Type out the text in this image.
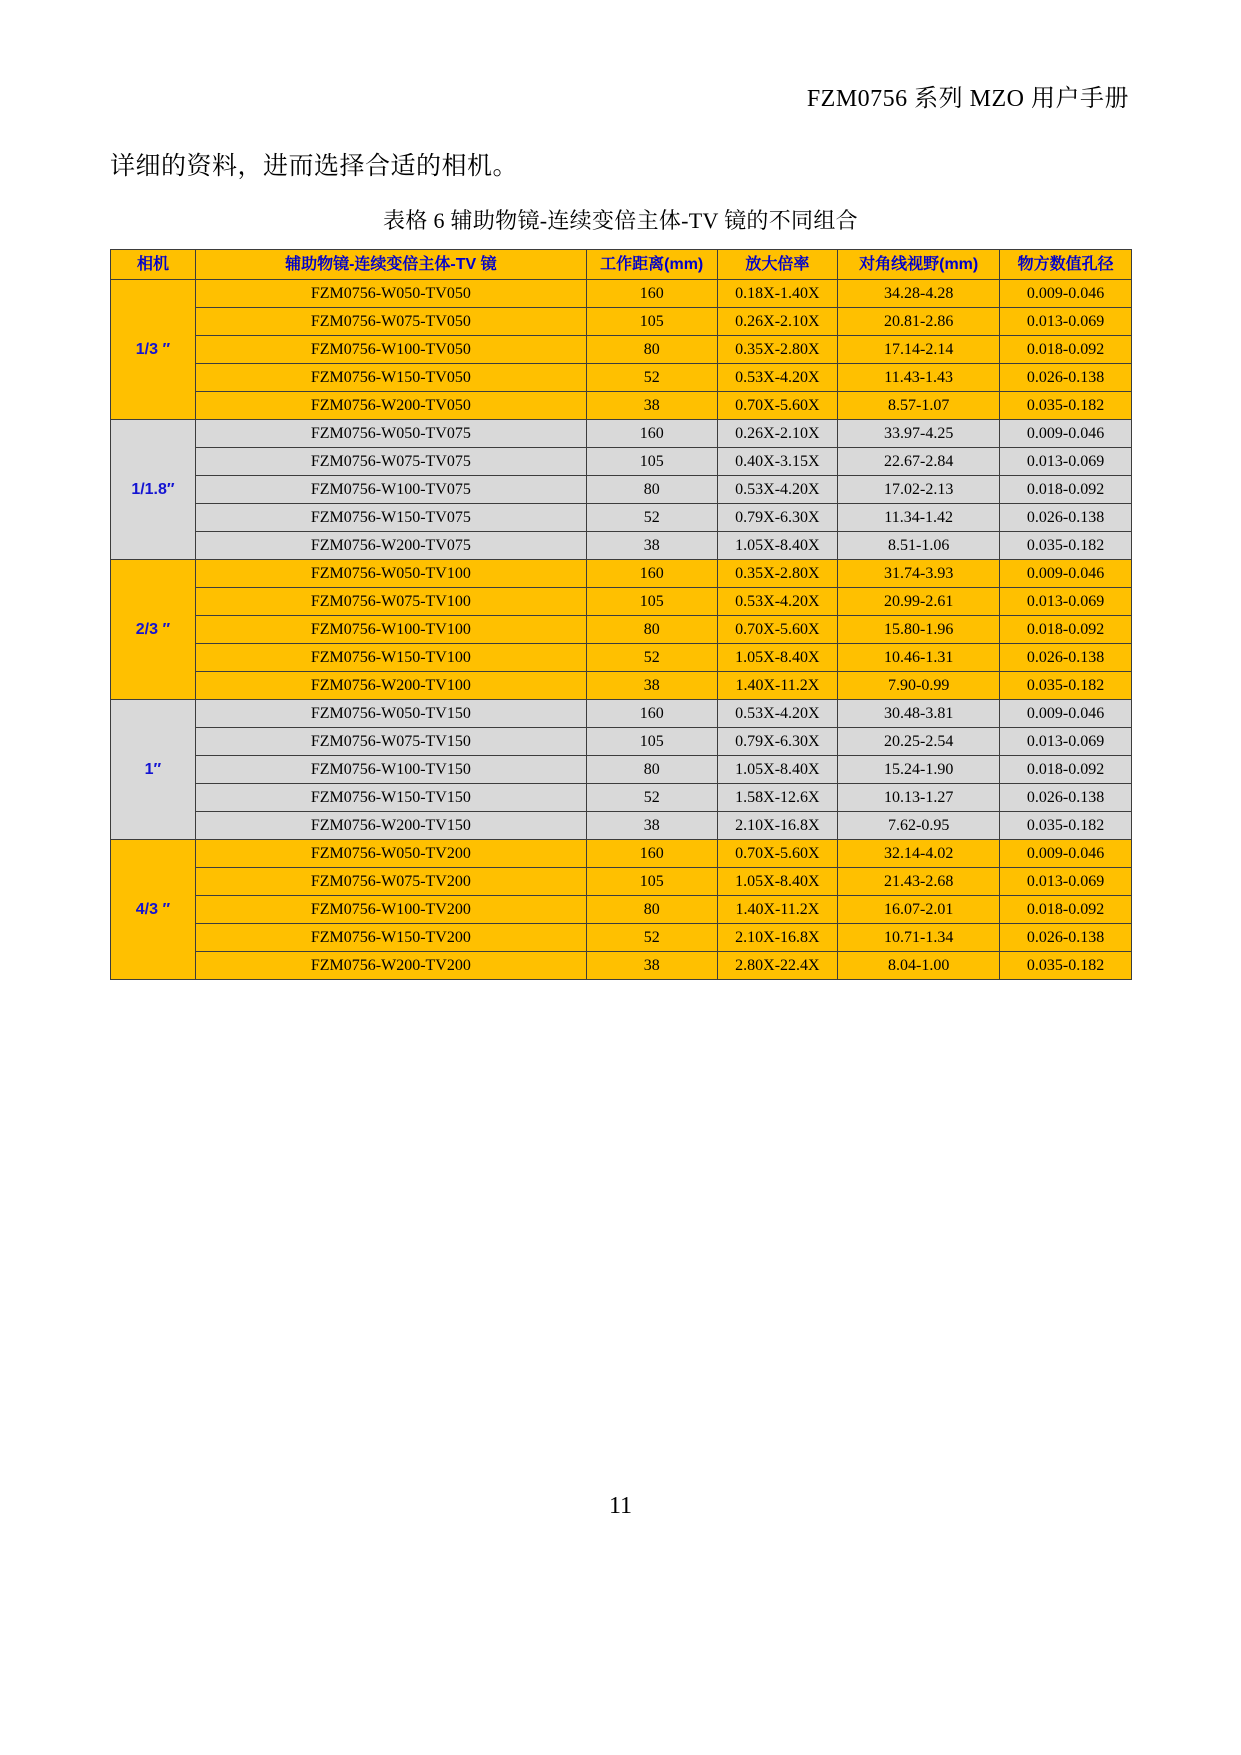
FZM0756 系列 MZO 用户手册
详细的资料，进而选择合适的相机。
表格 6 辅助物镜-连续变倍主体-TV 镜的不同组合
相机	辅助物镜-连续变倍主体-TV 镜	工作距离(mm)	放大倍率	对角线视野(mm)	物方数值孔径
1/3 ″	FZM0756-W050-TV050	160	0.18X-1.40X	34.28-4.28	0.009-0.046
	FZM0756-W075-TV050	105	0.26X-2.10X	20.81-2.86	0.013-0.069
	FZM0756-W100-TV050	80	0.35X-2.80X	17.14-2.14	0.018-0.092
	FZM0756-W150-TV050	52	0.53X-4.20X	11.43-1.43	0.026-0.138
	FZM0756-W200-TV050	38	0.70X-5.60X	8.57-1.07	0.035-0.182
1/1.8″	FZM0756-W050-TV075	160	0.26X-2.10X	33.97-4.25	0.009-0.046
	FZM0756-W075-TV075	105	0.40X-3.15X	22.67-2.84	0.013-0.069
	FZM0756-W100-TV075	80	0.53X-4.20X	17.02-2.13	0.018-0.092
	FZM0756-W150-TV075	52	0.79X-6.30X	11.34-1.42	0.026-0.138
	FZM0756-W200-TV075	38	1.05X-8.40X	8.51-1.06	0.035-0.182
2/3 ″	FZM0756-W050-TV100	160	0.35X-2.80X	31.74-3.93	0.009-0.046
	FZM0756-W075-TV100	105	0.53X-4.20X	20.99-2.61	0.013-0.069
	FZM0756-W100-TV100	80	0.70X-5.60X	15.80-1.96	0.018-0.092
	FZM0756-W150-TV100	52	1.05X-8.40X	10.46-1.31	0.026-0.138
	FZM0756-W200-TV100	38	1.40X-11.2X	7.90-0.99	0.035-0.182
1″	FZM0756-W050-TV150	160	0.53X-4.20X	30.48-3.81	0.009-0.046
	FZM0756-W075-TV150	105	0.79X-6.30X	20.25-2.54	0.013-0.069
	FZM0756-W100-TV150	80	1.05X-8.40X	15.24-1.90	0.018-0.092
	FZM0756-W150-TV150	52	1.58X-12.6X	10.13-1.27	0.026-0.138
	FZM0756-W200-TV150	38	2.10X-16.8X	7.62-0.95	0.035-0.182
4/3 ″	FZM0756-W050-TV200	160	0.70X-5.60X	32.14-4.02	0.009-0.046
	FZM0756-W075-TV200	105	1.05X-8.40X	21.43-2.68	0.013-0.069
	FZM0756-W100-TV200	80	1.40X-11.2X	16.07-2.01	0.018-0.092
	FZM0756-W150-TV200	52	2.10X-16.8X	10.71-1.34	0.026-0.138
	FZM0756-W200-TV200	38	2.80X-22.4X	8.04-1.00	0.035-0.182
11
